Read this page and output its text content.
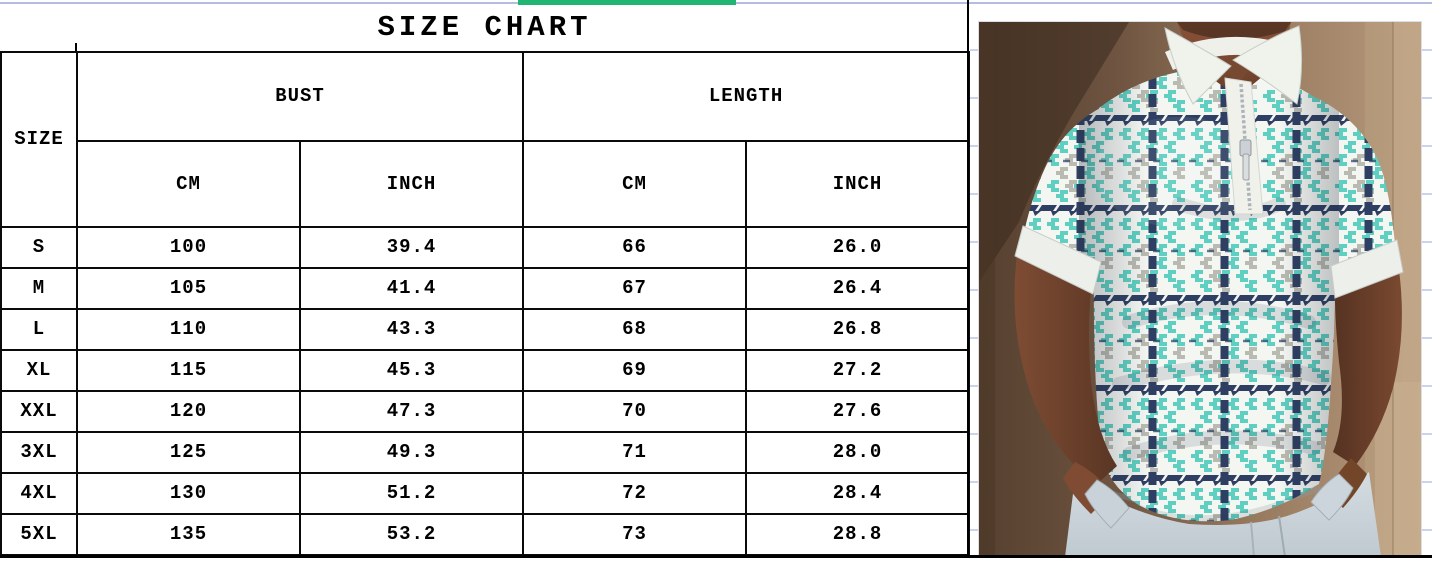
SIZE CHART
SIZE	BUST		LENGTH	
	CM	INCH	CM	INCH
S	100	39.4	66	26.0
M	105	41.4	67	26.4
L	110	43.3	68	26.8
XL	115	45.3	69	27.2
XXL	120	47.3	70	27.6
3XL	125	49.3	71	28.0
4XL	130	51.2	72	28.4
5XL	135	53.2	73	28.8
